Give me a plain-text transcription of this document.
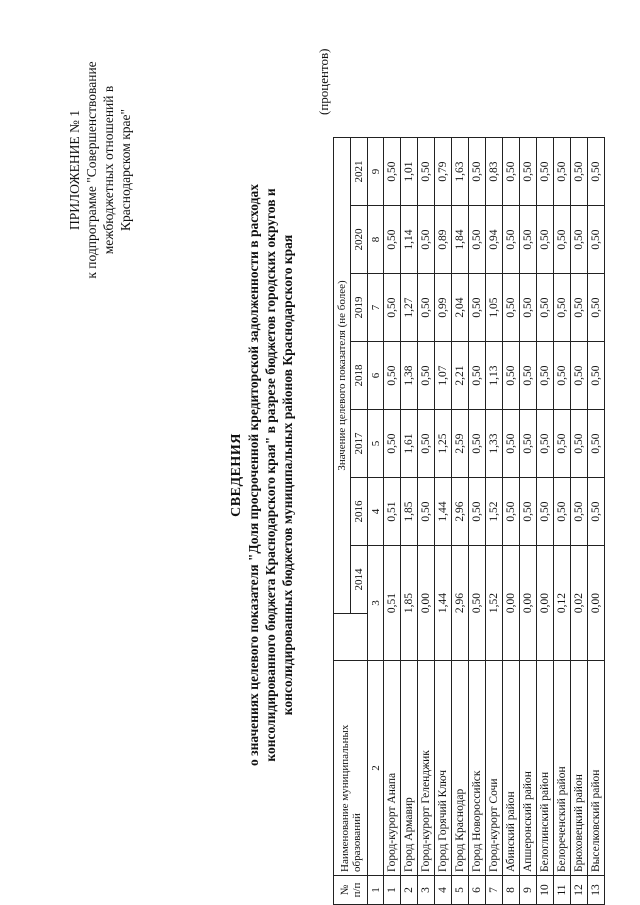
ПРИЛОЖЕНИЕ № 1 к подпрограмме "Совершенствование межбюджетных отношений в Краснодарском крае"
СВЕДЕНИЯ о значениях целевого показателя "Доля просроченной кредиторской задолженности в расходах консолидированного бюджета Краснодарского края" в разрезе бюджетов городских округов и консолидированных бюджетов муниципальных районов Краснодарского края
(процентов)
№ п/п	Наименование муниципальных образований		Значение целевого показателя (не более)						
			2014	2016	2017	2018	2019	2020	2021
1	2	3		4	5	6	7	8	9
1	Город-курорт Анапа	0,51		0,51	0,50	0,50	0,50	0,50	0,50
2	Город Армавир	1,85		1,85	1,61	1,38	1,27	1,14	1,01
3	Город-курорт Геленджик	0,00		0,50	0,50	0,50	0,50	0,50	0,50
4	Город Горячий Ключ	1,44		1,44	1,25	1,07	0,99	0,89	0,79
5	Город Краснодар	2,96		2,96	2,59	2,21	2,04	1,84	1,63
6	Город Новороссийск	0,50		0,50	0,50	0,50	0,50	0,50	0,50
7	Город-курорт Сочи	1,52		1,52	1,33	1,13	1,05	0,94	0,83
8	Абинский район	0,00		0,50	0,50	0,50	0,50	0,50	0,50
9	Апшеронский район	0,00		0,50	0,50	0,50	0,50	0,50	0,50
10	Белоглинский район	0,00		0,50	0,50	0,50	0,50	0,50	0,50
11	Белореченский район	0,12		0,50	0,50	0,50	0,50	0,50	0,50
12	Брюховецкий район	0,02		0,50	0,50	0,50	0,50	0,50	0,50
13	Выселковский район	0,00		0,50	0,50	0,50	0,50	0,50	0,50
